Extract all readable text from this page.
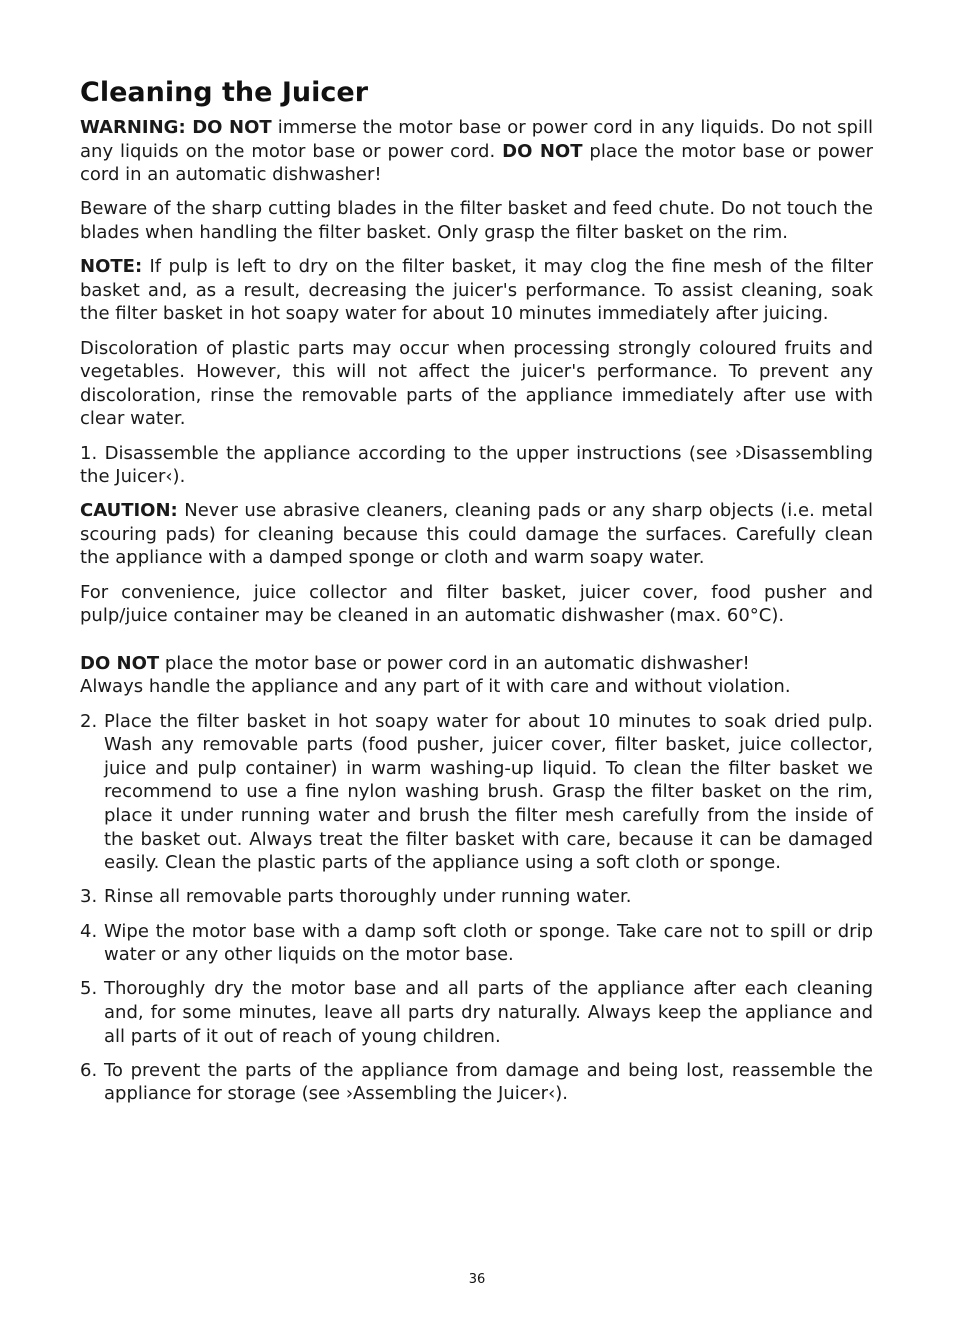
Cleaning the Juicer

WARNING: DO NOT immerse the motor base or power cord in any liquids. Do not spill any liquids on the motor base or power cord. DO NOT place the motor base or power cord in an automatic dishwasher!

Beware of the sharp cutting blades in the filter basket and feed chute. Do not touch the blades when handling the filter basket. Only grasp the filter basket on the rim.

NOTE: If pulp is left to dry on the filter basket, it may clog the fine mesh of the filter basket and, as a result, decreasing the juicer's performance. To assist cleaning, soak the filter basket in hot soapy water for about 10 minutes immediately after juicing.

Discoloration of plastic parts may occur when processing strongly coloured fruits and vegetables. However, this will not affect the juicer's performance. To prevent any discoloration, rinse the removable parts of the appliance immediately after use with clear water.

1. Disassemble the appliance according to the upper instructions (see ›Disassembling the Juicer‹).

CAUTION: Never use abrasive cleaners, cleaning pads or any sharp objects (i.e. metal scouring pads) for cleaning because this could damage the surfaces. Carefully clean the appliance with a damped sponge or cloth and warm soapy water.

For convenience, juice collector and filter basket, juicer cover, food pusher and pulp/juice container may be cleaned in an automatic dishwasher (max. 60°C).

DO NOT place the motor base or power cord in an automatic dishwasher!

Always handle the appliance and any part of it with care and without violation.

2. Place the filter basket in hot soapy water for about 10 minutes to soak dried pulp. Wash any removable parts (food pusher, juicer cover, filter basket, juice collector, juice and pulp container) in warm washing-up liquid. To clean the filter basket we recommend to use a fine nylon washing brush. Grasp the filter basket on the rim, place it under running water and brush the filter mesh carefully from the inside of the basket out. Always treat the filter basket with care, because it can be damaged easily. Clean the plastic parts of the appliance using a soft cloth or sponge.
3. Rinse all removable parts thoroughly under running water.
4. Wipe the motor base with a damp soft cloth or sponge. Take care not to spill or drip water or any other liquids on the motor base.
5. Thoroughly dry the motor base and all parts of the appliance after each cleaning and, for some minutes, leave all parts dry naturally. Always keep the appliance and all parts of it out of reach of young children.
6. To prevent the parts of the appliance from damage and being lost, reassemble the appliance for storage (see ›Assembling the Juicer‹).
36
